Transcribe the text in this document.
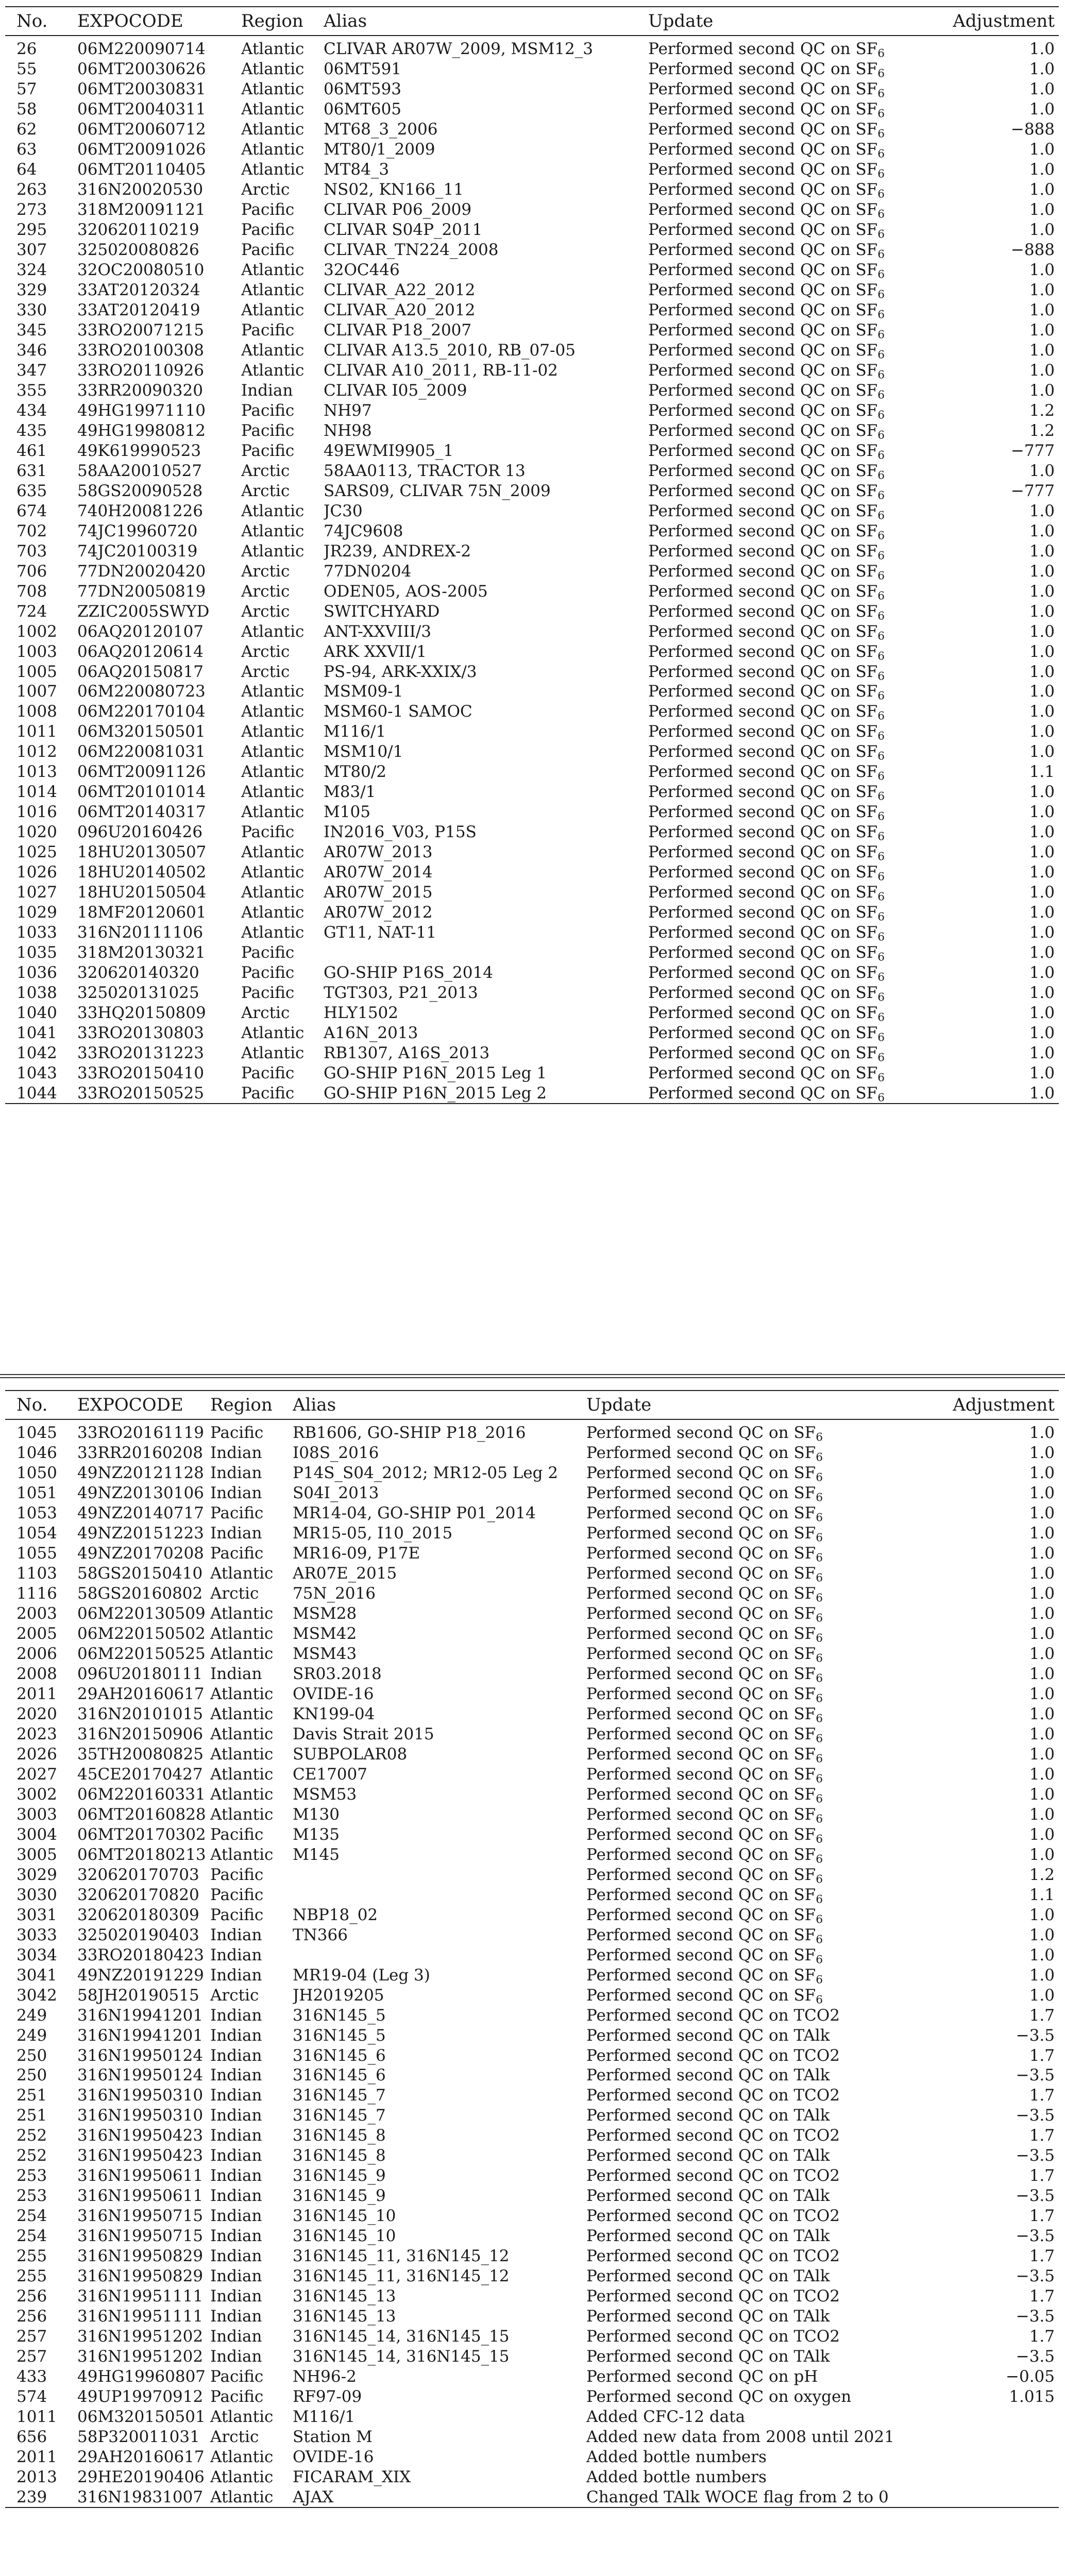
No.	EXPOCODE	Region	Alias	Update	Adjustment
26	06M220090714	Atlantic	CLIVAR AR07W_2009, MSM12_3	Performed second QC on $SF_6$	1.0
55	06MT20030626	Atlantic	06MT591	Performed second QC on $SF_6$	1.0
57	06MT20030831	Atlantic	06MT593	Performed second QC on $SF_6$	1.0
58	06MT20040311	Atlantic	06MT605	Performed second QC on $SF_6$	1.0
62	06MT20060712	Atlantic	MT68_3_2006	Performed second QC on $SF_6$	−888
63	06MT20091026	Atlantic	MT80/1_2009	Performed second QC on $SF_6$	1.0
64	06MT20110405	Atlantic	MT84_3	Performed second QC on $SF_6$	1.0
263	316N20020530	Arctic	NS02, KN166_11	Performed second QC on $SF_6$	1.0
273	318M20091121	Pacific	CLIVAR P06_2009	Performed second QC on $SF_6$	1.0
295	320620110219	Pacific	CLIVAR S04P_2011	Performed second QC on $SF_6$	1.0
307	325020080826	Pacific	CLIVAR_TN224_2008	Performed second QC on $SF_6$	−888
324	32OC20080510	Atlantic	32OC446	Performed second QC on $SF_6$	1.0
329	33AT20120324	Atlantic	CLIVAR_A22_2012	Performed second QC on $SF_6$	1.0
330	33AT20120419	Atlantic	CLIVAR_A20_2012	Performed second QC on $SF_6$	1.0
345	33RO20071215	Pacific	CLIVAR P18_2007	Performed second QC on $SF_6$	1.0
346	33RO20100308	Atlantic	CLIVAR A13.5_2010, RB_07-05	Performed second QC on $SF_6$	1.0
347	33RO20110926	Atlantic	CLIVAR A10_2011, RB-11-02	Performed second QC on $SF_6$	1.0
355	33RR20090320	Indian	CLIVAR I05_2009	Performed second QC on $SF_6$	1.0
434	49HG19971110	Pacific	NH97	Performed second QC on $SF_6$	1.2
435	49HG19980812	Pacific	NH98	Performed second QC on $SF_6$	1.2
461	49K619990523	Pacific	49EWMI9905_1	Performed second QC on $SF_6$	−777
631	58AA20010527	Arctic	58AA0113, TRACTOR 13	Performed second QC on $SF_6$	1.0
635	58GS20090528	Arctic	SARS09, CLIVAR 75N_2009	Performed second QC on $SF_6$	−777
674	740H20081226	Atlantic	JC30	Performed second QC on $SF_6$	1.0
702	74JC19960720	Atlantic	74JC9608	Performed second QC on $SF_6$	1.0
703	74JC20100319	Atlantic	JR239, ANDREX-2	Performed second QC on $SF_6$	1.0
706	77DN20020420	Arctic	77DN0204	Performed second QC on $SF_6$	1.0
708	77DN20050819	Arctic	ODEN05, AOS-2005	Performed second QC on $SF_6$	1.0
724	ZZIC2005SWYD	Arctic	SWITCHYARD	Performed second QC on $SF_6$	1.0
1002	06AQ20120107	Atlantic	ANT-XXVIII/3	Performed second QC on $SF_6$	1.0
1003	06AQ20120614	Arctic	ARK XXVII/1	Performed second QC on $SF_6$	1.0
1005	06AQ20150817	Arctic	PS-94, ARK-XXIX/3	Performed second QC on $SF_6$	1.0
1007	06M220080723	Atlantic	MSM09-1	Performed second QC on $SF_6$	1.0
1008	06M220170104	Atlantic	MSM60-1 SAMOC	Performed second QC on $SF_6$	1.0
1011	06M320150501	Atlantic	M116/1	Performed second QC on $SF_6$	1.0
1012	06M220081031	Atlantic	MSM10/1	Performed second QC on $SF_6$	1.0
1013	06MT20091126	Atlantic	MT80/2	Performed second QC on $SF_6$	1.1
1014	06MT20101014	Atlantic	M83/1	Performed second QC on $SF_6$	1.0
1016	06MT20140317	Atlantic	M105	Performed second QC on $SF_6$	1.0
1020	096U20160426	Pacific	IN2016_V03, P15S	Performed second QC on $SF_6$	1.0
1025	18HU20130507	Atlantic	AR07W_2013	Performed second QC on $SF_6$	1.0
1026	18HU20140502	Atlantic	AR07W_2014	Performed second QC on $SF_6$	1.0
1027	18HU20150504	Atlantic	AR07W_2015	Performed second QC on $SF_6$	1.0
1029	18MF20120601	Atlantic	AR07W_2012	Performed second QC on $SF_6$	1.0
1033	316N20111106	Atlantic	GT11, NAT-11	Performed second QC on $SF_6$	1.0
1035	318M20130321	Pacific		Performed second QC on $SF_6$	1.0
1036	320620140320	Pacific	GO-SHIP P16S_2014	Performed second QC on $SF_6$	1.0
1038	325020131025	Pacific	TGT303, P21_2013	Performed second QC on $SF_6$	1.0
1040	33HQ20150809	Arctic	HLY1502	Performed second QC on $SF_6$	1.0
1041	33RO20130803	Atlantic	A16N_2013	Performed second QC on $SF_6$	1.0
1042	33RO20131223	Atlantic	RB1307, A16S_2013	Performed second QC on $SF_6$	1.0
1043	33RO20150410	Pacific	GO-SHIP P16N_2015 Leg 1	Performed second QC on $SF_6$	1.0
1044	33RO20150525	Pacific	GO-SHIP P16N_2015 Leg 2	Performed second QC on $SF_6$	1.0
No.	EXPOCODE	Region	Alias	Update	Adjustment
1045	33RO20161119	Pacific	RB1606, GO-SHIP P18_2016	Performed second QC on $SF_6$	1.0
1046	33RR20160208	Indian	I08S_2016	Performed second QC on $SF_6$	1.0
1050	49NZ20121128	Indian	P14S_S04_2012; MR12-05 Leg 2	Performed second QC on $SF_6$	1.0
1051	49NZ20130106	Indian	S04I_2013	Performed second QC on $SF_6$	1.0
1053	49NZ20140717	Pacific	MR14-04, GO-SHIP P01_2014	Performed second QC on $SF_6$	1.0
1054	49NZ20151223	Indian	MR15-05, I10_2015	Performed second QC on $SF_6$	1.0
1055	49NZ20170208	Pacific	MR16-09, P17E	Performed second QC on $SF_6$	1.0
1103	58GS20150410	Atlantic	AR07E_2015	Performed second QC on $SF_6$	1.0
1116	58GS20160802	Arctic	75N_2016	Performed second QC on $SF_6$	1.0
2003	06M220130509	Atlantic	MSM28	Performed second QC on $SF_6$	1.0
2005	06M220150502	Atlantic	MSM42	Performed second QC on $SF_6$	1.0
2006	06M220150525	Atlantic	MSM43	Performed second QC on $SF_6$	1.0
2008	096U20180111	Indian	SR03.2018	Performed second QC on $SF_6$	1.0
2011	29AH20160617	Atlantic	OVIDE-16	Performed second QC on $SF_6$	1.0
2020	316N20101015	Atlantic	KN199-04	Performed second QC on $SF_6$	1.0
2023	316N20150906	Atlantic	Davis Strait 2015	Performed second QC on $SF_6$	1.0
2026	35TH20080825	Atlantic	SUBPOLAR08	Performed second QC on $SF_6$	1.0
2027	45CE20170427	Atlantic	CE17007	Performed second QC on $SF_6$	1.0
3002	06M220160331	Atlantic	MSM53	Performed second QC on $SF_6$	1.0
3003	06MT20160828	Atlantic	M130	Performed second QC on $SF_6$	1.0
3004	06MT20170302	Pacific	M135	Performed second QC on $SF_6$	1.0
3005	06MT20180213	Atlantic	M145	Performed second QC on $SF_6$	1.0
3029	320620170703	Pacific		Performed second QC on $SF_6$	1.2
3030	320620170820	Pacific		Performed second QC on $SF_6$	1.1
3031	320620180309	Pacific	NBP18_02	Performed second QC on $SF_6$	1.0
3033	325020190403	Indian	TN366	Performed second QC on $SF_6$	1.0
3034	33RO20180423	Indian		Performed second QC on $SF_6$	1.0
3041	49NZ20191229	Indian	MR19-04 (Leg 3)	Performed second QC on $SF_6$	1.0
3042	58JH20190515	Arctic	JH2019205	Performed second QC on $SF_6$	1.0
249	316N19941201	Indian	316N145_5	Performed second QC on TCO2	1.7
249	316N19941201	Indian	316N145_5	Performed second QC on TAlk	−3.5
250	316N19950124	Indian	316N145_6	Performed second QC on TCO2	1.7
250	316N19950124	Indian	316N145_6	Performed second QC on TAlk	−3.5
251	316N19950310	Indian	316N145_7	Performed second QC on TCO2	1.7
251	316N19950310	Indian	316N145_7	Performed second QC on TAlk	−3.5
252	316N19950423	Indian	316N145_8	Performed second QC on TCO2	1.7
252	316N19950423	Indian	316N145_8	Performed second QC on TAlk	−3.5
253	316N19950611	Indian	316N145_9	Performed second QC on TCO2	1.7
253	316N19950611	Indian	316N145_9	Performed second QC on TAlk	−3.5
254	316N19950715	Indian	316N145_10	Performed second QC on TCO2	1.7
254	316N19950715	Indian	316N145_10	Performed second QC on TAlk	−3.5
255	316N19950829	Indian	316N145_11, 316N145_12	Performed second QC on TCO2	1.7
255	316N19950829	Indian	316N145_11, 316N145_12	Performed second QC on TAlk	−3.5
256	316N19951111	Indian	316N145_13	Performed second QC on TCO2	1.7
256	316N19951111	Indian	316N145_13	Performed second QC on TAlk	−3.5
257	316N19951202	Indian	316N145_14, 316N145_15	Performed second QC on TCO2	1.7
257	316N19951202	Indian	316N145_14, 316N145_15	Performed second QC on TAlk	−3.5
433	49HG19960807	Pacific	NH96-2	Performed second QC on pH	−0.05
574	49UP19970912	Pacific	RF97-09	Performed second QC on oxygen	1.015
1011	06M320150501	Atlantic	M116/1	Added CFC-12 data	
656	58P320011031	Arctic	Station M	Added new data from 2008 until 2021	
2011	29AH20160617	Atlantic	OVIDE-16	Added bottle numbers	
2013	29HE20190406	Atlantic	FICARAM_XIX	Added bottle numbers	
239	316N19831007	Atlantic	AJAX	Changed TAlk WOCE flag from 2 to 0	
